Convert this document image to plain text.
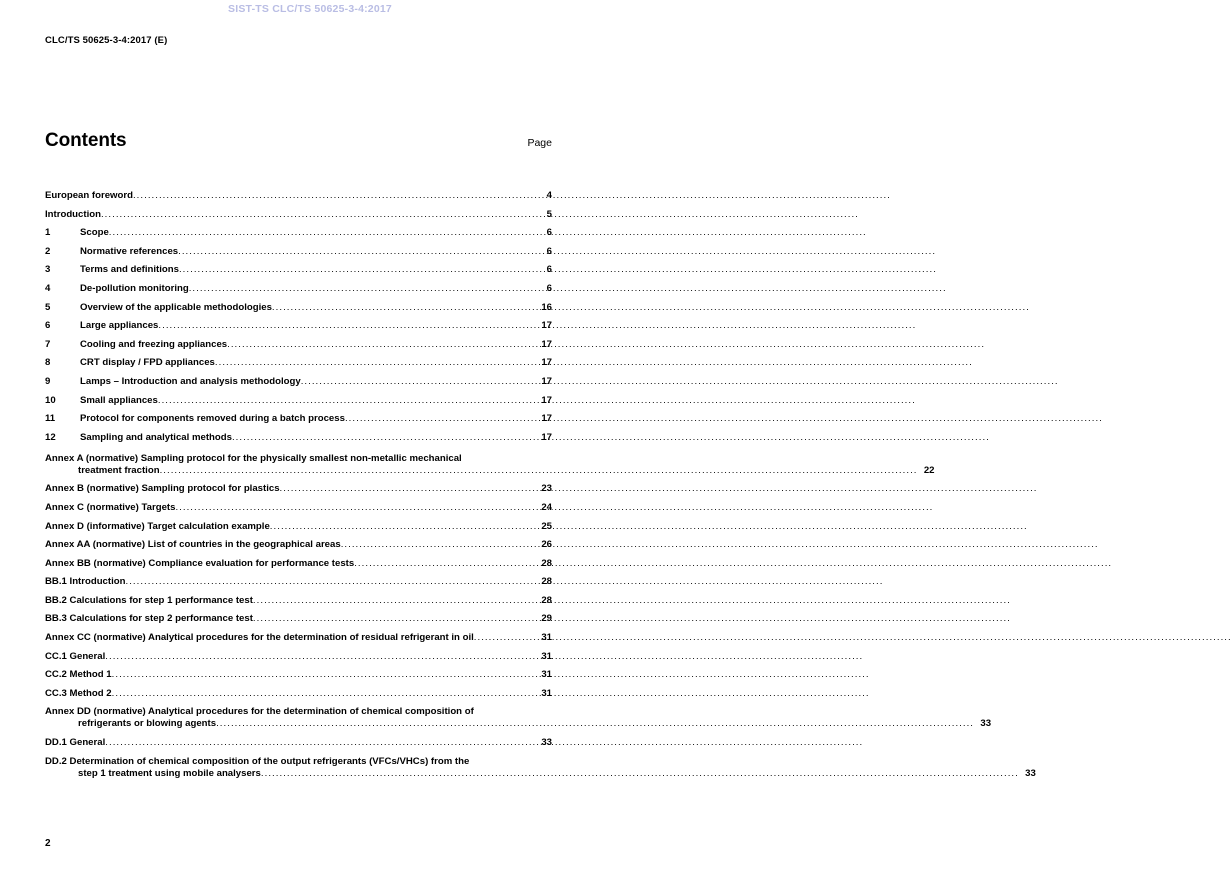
SIST-TS CLC/TS 50625-3-4:2017
CLC/TS 50625-3-4:2017 (E)
Contents	Page
European foreword .....	4
Introduction .....	5
1	Scope .....	6
2	Normative references .....	6
3	Terms and definitions .....	6
4	De-pollution monitoring .....	6
5	Overview of the applicable methodologies .....	16
6	Large appliances .....	17
7	Cooling and freezing appliances .....	17
8	CRT display / FPD appliances .....	17
9	Lamps – Introduction and analysis methodology .....	17
10	Small appliances .....	17
11	Protocol for components removed during a batch process .....	17
12	Sampling and analytical methods .....	17
Annex A (normative) Sampling protocol for the physically smallest non-metallic mechanical
treatment fraction .....	22
Annex B (normative) Sampling protocol for plastics .....	23
Annex C (normative) Targets .....	24
Annex D (informative) Target calculation example .....	25
Annex AA (normative) List of countries in the geographical areas .....	26
Annex BB (normative) Compliance evaluation for performance tests .....	28
BB.1 Introduction .....	28
BB.2 Calculations for step 1 performance test .....	28
BB.3 Calculations for step 2 performance test .....	29
Annex CC (normative) Analytical procedures for the determination of residual refrigerant in oil .....	31
CC.1 General .....	31
CC.2 Method 1 .....	31
CC.3 Method 2 .....	31
Annex DD (normative) Analytical procedures for the determination of chemical composition of
refrigerants or blowing agents .....	33
DD.1 General .....	33
DD.2 Determination of chemical composition of the output refrigerants (VFCs/VHCs) from the
step 1 treatment using mobile analysers .....	33
2
